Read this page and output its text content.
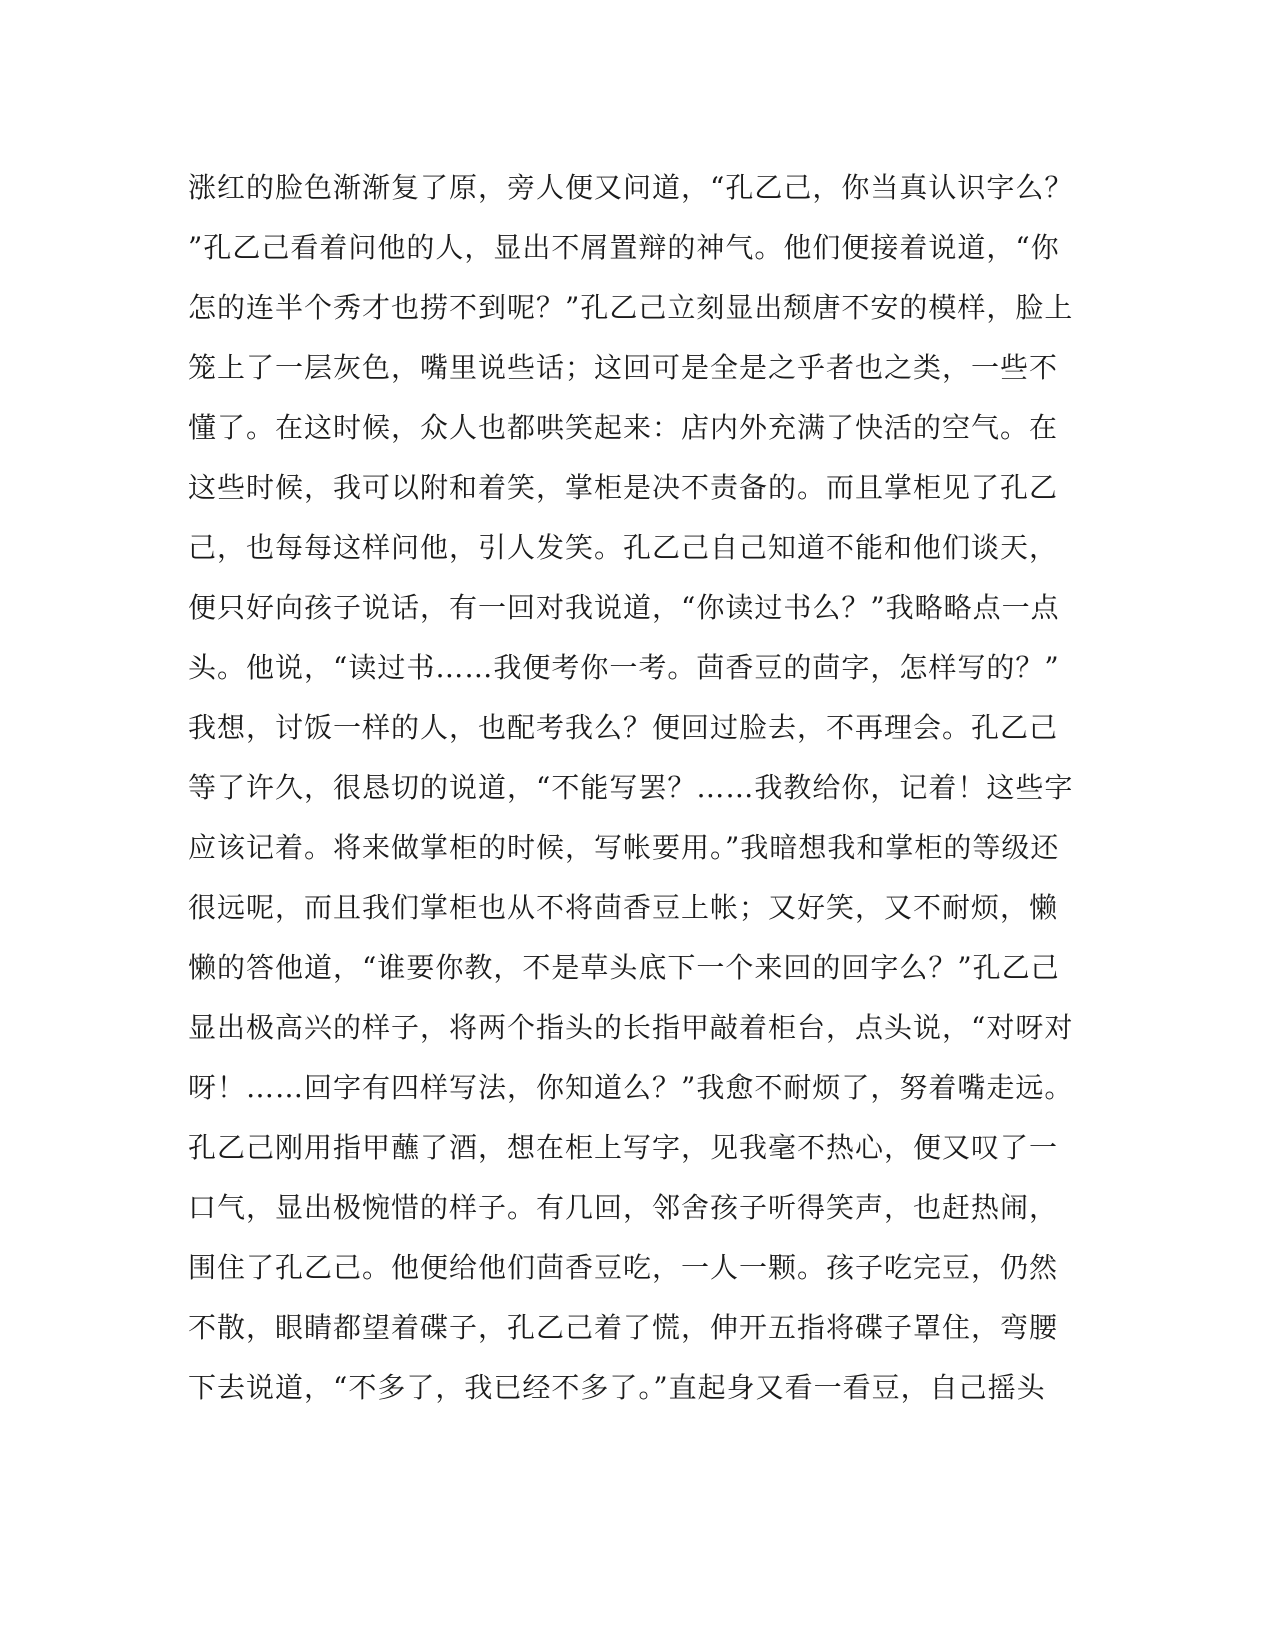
涨红的脸色渐渐复了原，旁人便又问道，“孔乙己，你当真认识字么？
”孔乙己看着问他的人，显出不屑置辩的神气。他们便接着说道，“你
怎的连半个秀才也捞不到呢？”孔乙己立刻显出颓唐不安的模样，脸上
笼上了一层灰色，嘴里说些话；这回可是全是之乎者也之类，一些不
懂了。在这时候，众人也都哄笑起来：店内外充满了快活的空气。在
这些时候，我可以附和着笑，掌柜是决不责备的。而且掌柜见了孔乙
己，也每每这样问他，引人发笑。孔乙己自己知道不能和他们谈天，
便只好向孩子说话，有一回对我说道，“你读过书么？”我略略点一点
头。他说，“读过书……我便考你一考。茴香豆的茴字，怎样写的？”
我想，讨饭一样的人，也配考我么？便回过脸去，不再理会。孔乙己
等了许久，很恳切的说道，“不能写罢？……我教给你，记着！这些字
应该记着。将来做掌柜的时候，写帐要用。”我暗想我和掌柜的等级还
很远呢，而且我们掌柜也从不将茴香豆上帐；又好笑，又不耐烦，懒
懒的答他道，“谁要你教，不是草头底下一个来回的回字么？”孔乙己
显出极高兴的样子，将两个指头的长指甲敲着柜台，点头说，“对呀对
呀！……回字有四样写法，你知道么？”我愈不耐烦了，努着嘴走远。
孔乙己刚用指甲蘸了酒，想在柜上写字，见我毫不热心，便又叹了一
口气，显出极惋惜的样子。有几回，邻舍孩子听得笑声，也赶热闹，
围住了孔乙己。他便给他们茴香豆吃，一人一颗。孩子吃完豆，仍然
不散，眼睛都望着碟子，孔乙己着了慌，伸开五指将碟子罩住，弯腰
下去说道，“不多了，我已经不多了。”直起身又看一看豆，自己摇头
